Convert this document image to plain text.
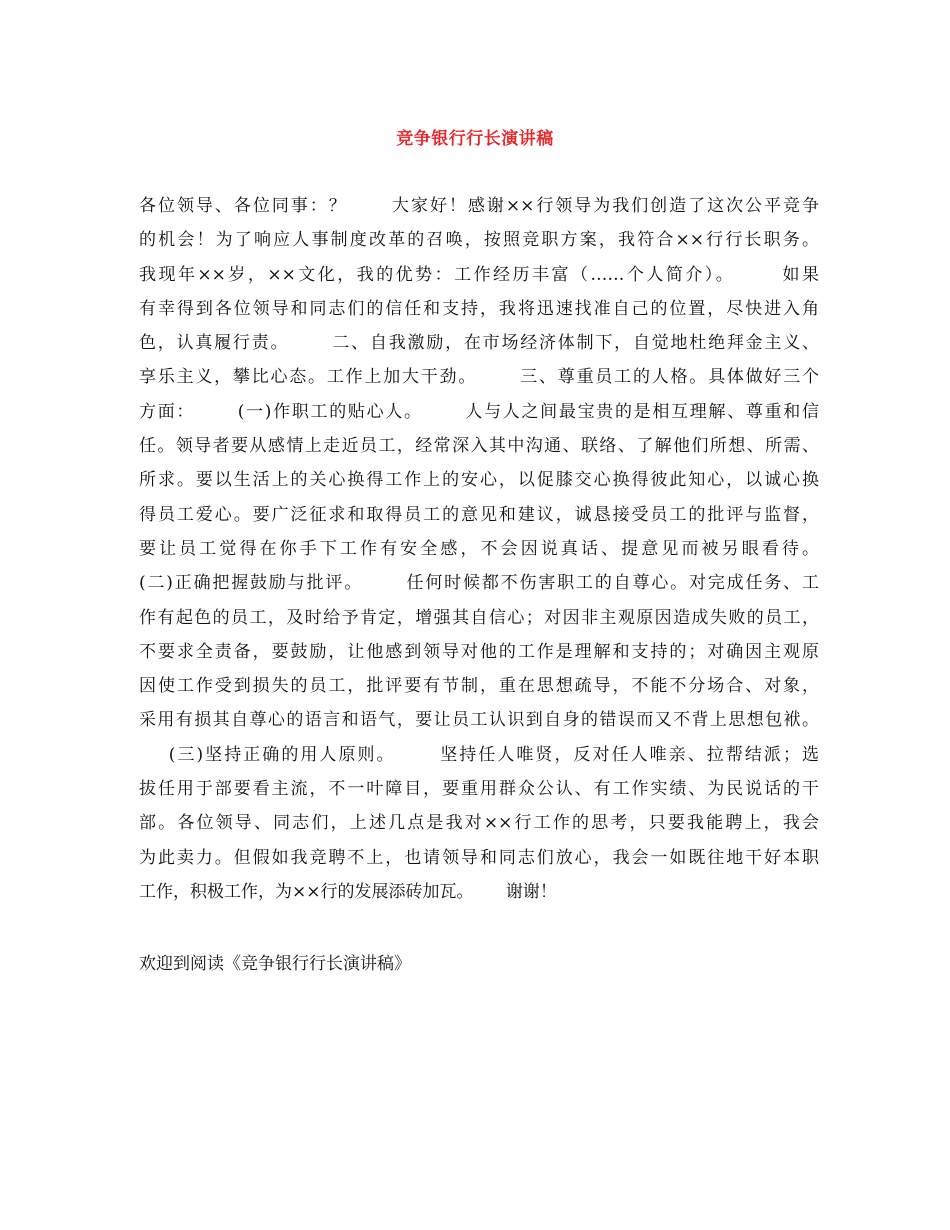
竞争银行行长演讲稿
各位领导、各位同事：？      大家好！感谢××行领导为我们创造了这次公平竞争
的机会！为了响应人事制度改革的召唤，按照竞职方案，我符合××行行长职务。
我现年××岁，××文化，我的优势：工作经历丰富（……个人简介）。      如果
有幸得到各位领导和同志们的信任和支持，我将迅速找准自己的位置，尽快进入角
色，认真履行责。      二、自我激励，在市场经济体制下，自觉地杜绝拜金主义、
享乐主义，攀比心态。工作上加大干劲。      三、尊重员工的人格。具体做好三个
方面：      (一)作职工的贴心人。      人与人之间最宝贵的是相互理解、尊重和信
任。领导者要从感情上走近员工，经常深入其中沟通、联络、了解他们所想、所需、
所求。要以生活上的关心换得工作上的安心，以促膝交心换得彼此知心，以诚心换
得员工爱心。要广泛征求和取得员工的意见和建议，诚恳接受员工的批评与监督，
要让员工觉得在你手下工作有安全感，不会因说真话、提意见而被另眼看待。
(二)正确把握鼓励与批评。      任何时候都不伤害职工的自尊心。对完成任务、工
作有起色的员工，及时给予肯定，增强其自信心；对因非主观原因造成失败的员工，
不要求全责备，要鼓励，让他感到领导对他的工作是理解和支持的；对确因主观原
因使工作受到损失的员工，批评要有节制，重在思想疏导，不能不分场合、对象，
采用有损其自尊心的语言和语气，要让员工认识到自身的错误而又不背上思想包袱。
(三)坚持正确的用人原则。      坚持任人唯贤，反对任人唯亲、拉帮结派；选
拔任用于部要看主流，不一叶障目，要重用群众公认、有工作实绩、为民说话的干
部。各位领导、同志们，上述几点是我对××行工作的思考，只要我能聘上，我会
为此卖力。但假如我竞聘不上，也请领导和同志们放心，我会一如既往地干好本职
工作，积极工作，为××行的发展添砖加瓦。      谢谢！
欢迎到阅读《竞争银行行长演讲稿》
